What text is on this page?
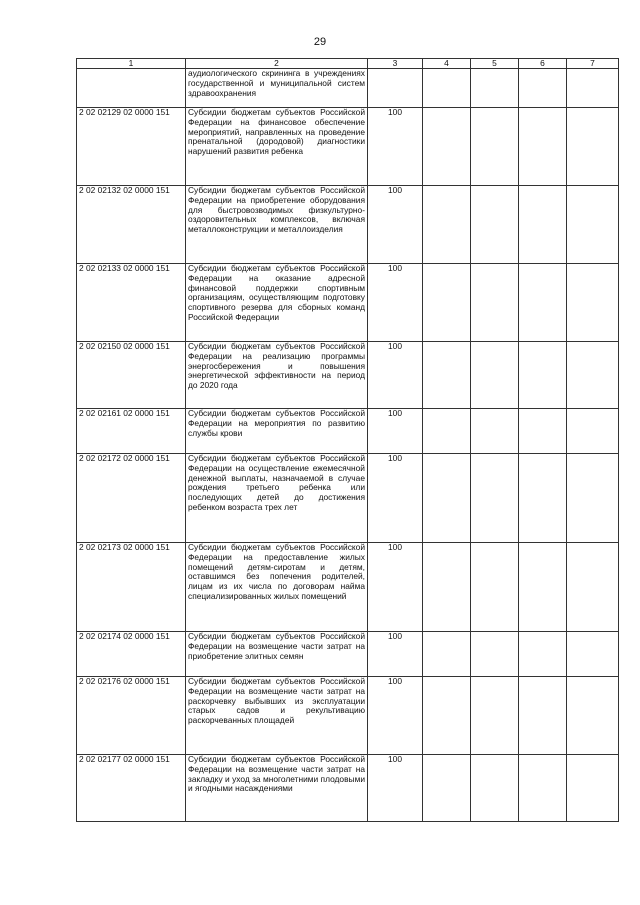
29
1	2	3	4	5	6	7
	аудиологического скрининга в учреждениях государственной и муниципальной систем здравоохранения					
2 02 02129 02 0000 151	Субсидии бюджетам субъектов Российской Федерации на финансовое обеспечение мероприятий, направленных на проведение пренатальной (дородовой) диагностики нарушений развития ребенка	100				
2 02 02132 02 0000 151	Субсидии бюджетам субъектов Российской Федерации на приобретение оборудования для быстровозводимых физкультурно-оздоровительных комплексов, включая металлоконструкции и металлоизделия	100				
2 02 02133 02 0000 151	Субсидии бюджетам субъектов Российской Федерации на оказание адресной финансовой поддержки спортивным организациям, осуществляющим подготовку спортивного резерва для сборных команд Российской Федерации	100				
2 02 02150 02 0000 151	Субсидии бюджетам субъектов Российской Федерации на реализацию программы энергосбережения и повышения энергетической эффективности на период до 2020 года	100				
2 02 02161 02 0000 151	Субсидии бюджетам субъектов Российской Федерации на мероприятия по развитию службы крови	100				
2 02 02172 02 0000 151	Субсидии бюджетам субъектов Российской Федерации на осуществление ежемесячной денежной выплаты, назначаемой в случае рождения третьего ребенка или последующих детей до достижения ребенком возраста трех лет	100				
2 02 02173 02 0000 151	Субсидии бюджетам субъектов Российской Федерации на предоставление жилых помещений детям-сиротам и детям, оставшимся без попечения родителей, лицам из их числа по договорам найма специализированных жилых помещений	100				
2 02 02174 02 0000 151	Субсидии бюджетам субъектов Российской Федерации на возмещение части затрат на приобретение элитных семян	100				
2 02 02176 02 0000 151	Субсидии бюджетам субъектов Российской Федерации на возмещение части затрат на раскорчевку выбывших из эксплуатации старых садов и рекультивацию раскорчеванных площадей	100				
2 02 02177 02 0000 151	Субсидии бюджетам субъектов Российской Федерации на возмещение части затрат на закладку и уход за многолетними плодовыми и ягодными насаждениями	100				
